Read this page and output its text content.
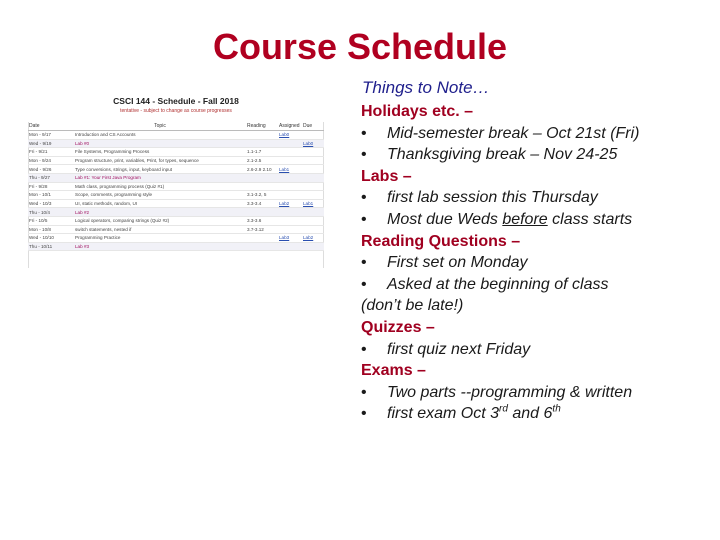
Course Schedule
CSCI 144 - Schedule - Fall 2018
tentative - subject to change as course progresses
Date	Topic	Reading	Assigned	Due
Mon - 9/17	Introduction and CS Accounts		Lab0	
Wed - 9/19	Lab #0			Lab0
Fri - 9/21	File Systems, Programming Process	1.1-1.7		
Mon - 9/24	Program structure, print, variables, Print, for types, sequence	2.1-2.5		
Wed - 9/26	Type conversions, strings, input, keyboard input	2.6-2.9 2.10	Lab1	
Thu - 9/27	Lab #1: Your First Java Program			
Fri - 9/28	Math class, programming process (Quiz #1)			
Mon - 10/1	Scope, comments, programming style	3.1-3.2, 5		
Wed - 10/3	UI, static methods, random, UI	3.3-3.4	Lab2	Lab1
Thu - 10/4	Lab #2			
Fri - 10/5	Logical operators, comparing strings (Quiz #2)	3.3-3.6		
Mon - 10/8	switch statements, nested if	3.7-3.12		
Wed - 10/10	Programming Practice		Lab3	Lab2
Thu - 10/11	Lab #3			
Things to Note…
Holidays etc. –
• Mid-semester break – Oct 21st (Fri)
• Thanksgiving break – Nov 24-25
Labs –
• first lab session this Thursday
• Most due Weds before class starts
Reading Questions –
• First set on Monday
• Asked at the beginning of class
(don’t be late!)
Quizzes –
• first quiz next Friday
Exams –
• Two parts --programming & written
• first exam Oct 3rd and 6th
